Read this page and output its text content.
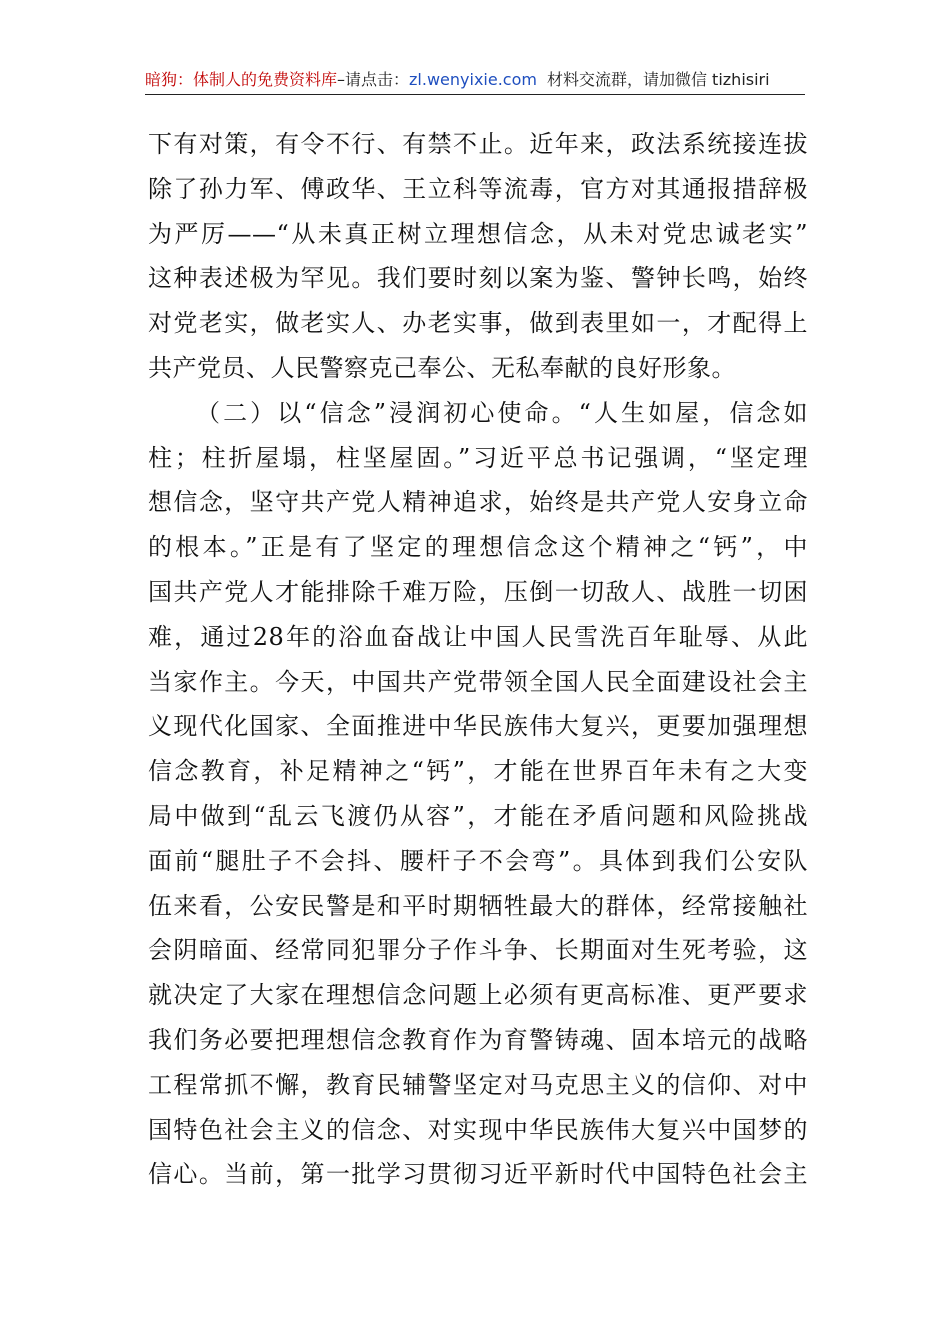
暗狗：体制人的免费资料库–请点击：zl.wenyixie.com 材料交流群，请加微信 tizhisiri
下有对策，有令不行、有禁不止。近年来，政法系统接连拔
除了孙力军、傅政华、王立科等流毒，官方对其通报措辞极
为严厉——“从未真正树立理想信念，从未对党忠诚老实”
这种表述极为罕见。我们要时刻以案为鉴、警钟长鸣，始终
对党老实，做老实人、办老实事，做到表里如一，才配得上
共产党员、人民警察克己奉公、无私奉献的良好形象。
（二）以“信念”浸润初心使命。“人生如屋，信念如
柱；柱折屋塌，柱坚屋固。”习近平总书记强调，“坚定理
想信念，坚守共产党人精神追求，始终是共产党人安身立命
的根本。”正是有了坚定的理想信念这个精神之“钙”，中
国共产党人才能排除千难万险，压倒一切敌人、战胜一切困
难，通过28年的浴血奋战让中国人民雪洗百年耻辱、从此
当家作主。今天，中国共产党带领全国人民全面建设社会主
义现代化国家、全面推进中华民族伟大复兴，更要加强理想
信念教育，补足精神之“钙”，才能在世界百年未有之大变
局中做到“乱云飞渡仍从容”，才能在矛盾问题和风险挑战
面前“腿肚子不会抖、腰杆子不会弯”。具体到我们公安队
伍来看，公安民警是和平时期牺牲最大的群体，经常接触社
会阴暗面、经常同犯罪分子作斗争、长期面对生死考验，这
就决定了大家在理想信念问题上必须有更高标准、更严要求
我们务必要把理想信念教育作为育警铸魂、固本培元的战略
工程常抓不懈，教育民辅警坚定对马克思主义的信仰、对中
国特色社会主义的信念、对实现中华民族伟大复兴中国梦的
信心。当前，第一批学习贯彻习近平新时代中国特色社会主
